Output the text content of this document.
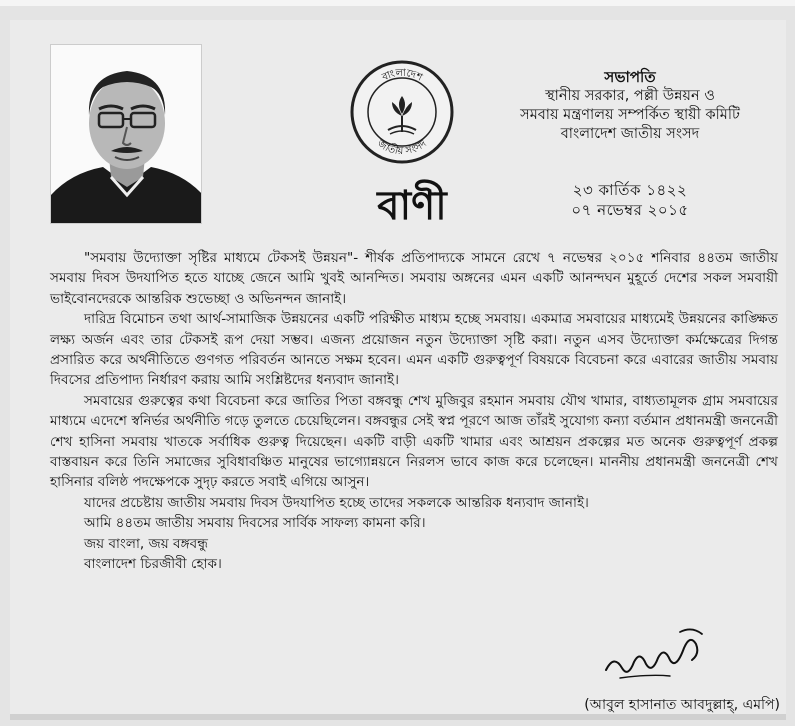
বাংলাদেশ
জাতীয় সংসদ
বাণী
সভাপতি
স্থানীয় সরকার, পল্লী উন্নয়ন ও
সমবায় মন্ত্রণালয় সম্পর্কিত স্থায়ী কমিটি
বাংলাদেশ জাতীয় সংসদ
২৩ কার্তিক ১৪২২
০৭ নভেম্বর ২০১৫

"সমবায় উদ্যোক্তা সৃষ্টির মাধ্যমে টেকসই উন্নয়ন"- শীর্ষক প্রতিপাদ্যকে সামনে রেখে ৭ নভেম্বর ২০১৫ শনিবার ৪৪তম জাতীয় সমবায় দিবস উদযাপিত হতে যাচ্ছে জেনে আমি খুবই আনন্দিত। সমবায় অঙ্গনের এমন একটি আনন্দঘন মুহূর্তে দেশের সকল সমবায়ী ভাইবোনদেরকে আন্তরিক শুভেচ্ছা ও অভিনন্দন জানাই।

দারিদ্র বিমোচন তথা আর্থ-সামাজিক উন্নয়নের একটি পরিক্ষীত মাধ্যম হচ্ছে সমবায়। একমাত্র সমবায়ের মাধ্যমেই উন্নয়নের কাঙ্ক্ষিত লক্ষ্য অর্জন এবং তার টেকসই রূপ দেয়া সম্ভব। এজন্য প্রয়োজন নতুন উদ্যোক্তা সৃষ্টি করা। নতুন এসব উদ্যোক্তা কর্মক্ষেত্রের দিগন্ত প্রসারিত করে অর্থনীতিতে গুণগত পরিবর্তন আনতে সক্ষম হবেন। এমন একটি গুরুত্বপূর্ণ বিষয়কে বিবেচনা করে এবারের জাতীয় সমবায় দিবসের প্রতিপাদ্য নির্ধারণ করায় আমি সংশ্লিষ্টদের ধন্যবাদ জানাই।

সমবায়ের গুরুত্বের কথা বিবেচনা করে জাতির পিতা বঙ্গবন্ধু শেখ মুজিবুর রহমান সমবায় যৌথ খামার, বাধ্যতামূলক গ্রাম সমবায়ের মাধ্যমে এদেশে স্বনির্ভর অর্থনীতি গড়ে তুলতে চেয়েছিলেন। বঙ্গবন্ধুর সেই স্বপ্ন পূরণে আজ তাঁরই সুযোগ্য কন্যা বর্তমান প্রধানমন্ত্রী জননেত্রী শেখ হাসিনা সমবায় খাতকে সর্বাধিক গুরুত্ব দিয়েছেন। একটি বাড়ী একটি খামার এবং আশ্রয়ন প্রকল্পের মত অনেক গুরুত্বপূর্ণ প্রকল্প বাস্তবায়ন করে তিনি সমাজের সুবিধাবঞ্চিত মানুষের ভাগ্যোন্নয়নে নিরলস ভাবে কাজ করে চলেছেন। মাননীয় প্রধানমন্ত্রী জননেত্রী শেখ হাসিনার বলিষ্ঠ পদক্ষেপকে সুদৃঢ় করতে সবাই এগিয়ে আসুন।

যাদের প্রচেষ্টায় জাতীয় সমবায় দিবস উদযাপিত হচ্ছে তাদের সকলকে আন্তরিক ধন্যবাদ জানাই।

আমি ৪৪তম জাতীয় সমবায় দিবসের সার্বিক সাফল্য কামনা করি।

জয় বাংলা, জয় বঙ্গবন্ধু

বাংলাদেশ চিরজীবী হোক।

(আবুল হাসানাত আবদুল্লাহ্, এমপি)
